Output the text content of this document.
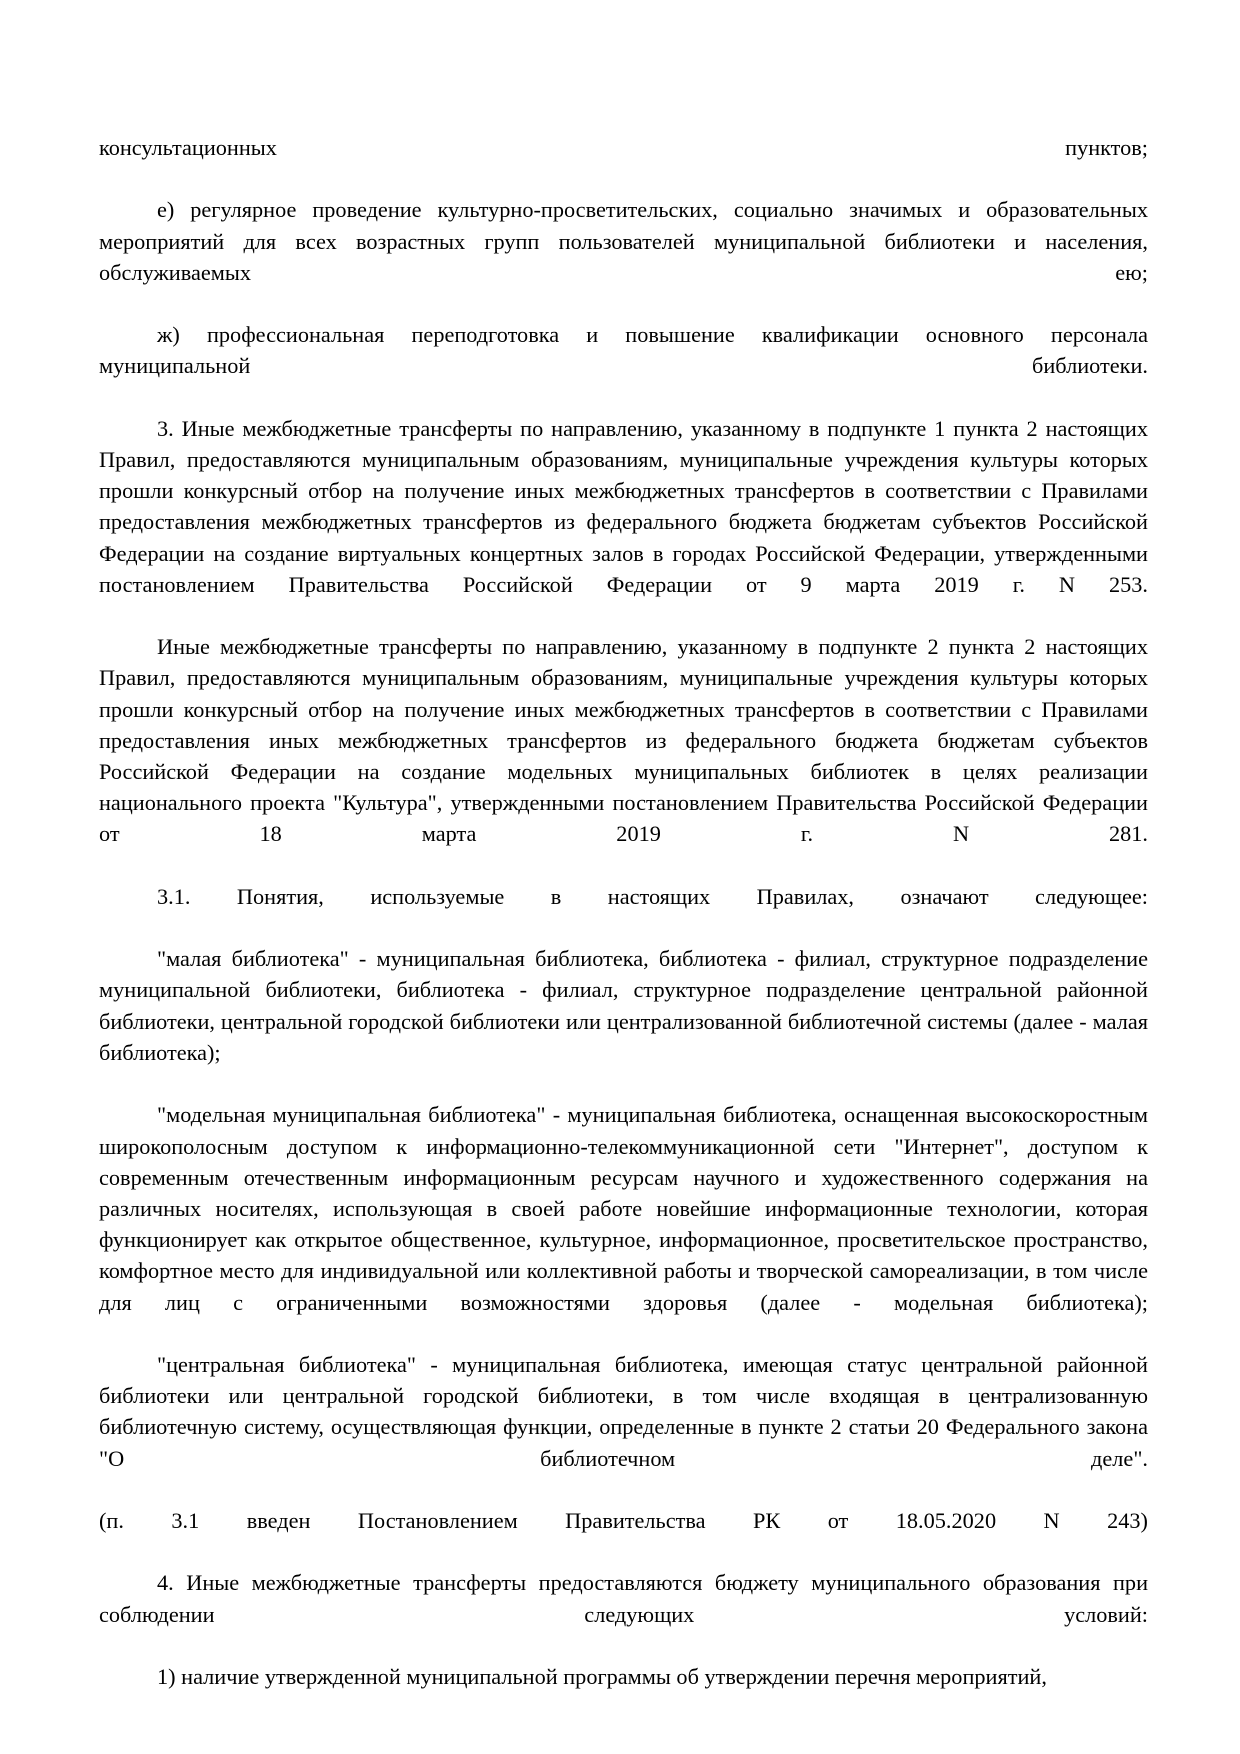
консультационных пунктов;

е) регулярное проведение культурно-просветительских, социально значимых и образовательных мероприятий для всех возрастных групп пользователей муниципальной библиотеки и населения, обслуживаемых ею;

ж) профессиональная переподготовка и повышение квалификации основного персонала муниципальной библиотеки.

3. Иные межбюджетные трансферты по направлению, указанному в подпункте 1 пункта 2 настоящих Правил, предоставляются муниципальным образованиям, муниципальные учреждения культуры которых прошли конкурсный отбор на получение иных межбюджетных трансфертов в соответствии с Правилами предоставления межбюджетных трансфертов из федерального бюджета бюджетам субъектов Российской Федерации на создание виртуальных концертных залов в городах Российской Федерации, утвержденными постановлением Правительства Российской Федерации от 9 марта 2019 г. N 253.

Иные межбюджетные трансферты по направлению, указанному в подпункте 2 пункта 2 настоящих Правил, предоставляются муниципальным образованиям, муниципальные учреждения культуры которых прошли конкурсный отбор на получение иных межбюджетных трансфертов в соответствии с Правилами предоставления иных межбюджетных трансфертов из федерального бюджета бюджетам субъектов Российской Федерации на создание модельных муниципальных библиотек в целях реализации национального проекта "Культура", утвержденными постановлением Правительства Российской Федерации от 18 марта 2019 г. N 281.

3.1. Понятия, используемые в настоящих Правилах, означают следующее:

"малая библиотека" - муниципальная библиотека, библиотека - филиал, структурное подразделение муниципальной библиотеки, библиотека - филиал, структурное подразделение центральной районной библиотеки, центральной городской библиотеки или централизованной библиотечной системы (далее - малая библиотека);

"модельная муниципальная библиотека" - муниципальная библиотека, оснащенная высокоскоростным широкополосным доступом к информационно-телекоммуникационной сети "Интернет", доступом к современным отечественным информационным ресурсам научного и художественного содержания на различных носителях, использующая в своей работе новейшие информационные технологии, которая функционирует как открытое общественное, культурное, информационное, просветительское пространство, комфортное место для индивидуальной или коллективной работы и творческой самореализации, в том числе для лиц с ограниченными возможностями здоровья (далее - модельная библиотека);

"центральная библиотека" - муниципальная библиотека, имеющая статус центральной районной библиотеки или центральной городской библиотеки, в том числе входящая в централизованную библиотечную систему, осуществляющая функции, определенные в пункте 2 статьи 20 Федерального закона "О библиотечном деле".

(п. 3.1 введен Постановлением Правительства РК от 18.05.2020 N 243)

4. Иные межбюджетные трансферты предоставляются бюджету муниципального образования при соблюдении следующих условий:

1) наличие утвержденной муниципальной программы об утверждении перечня мероприятий,
